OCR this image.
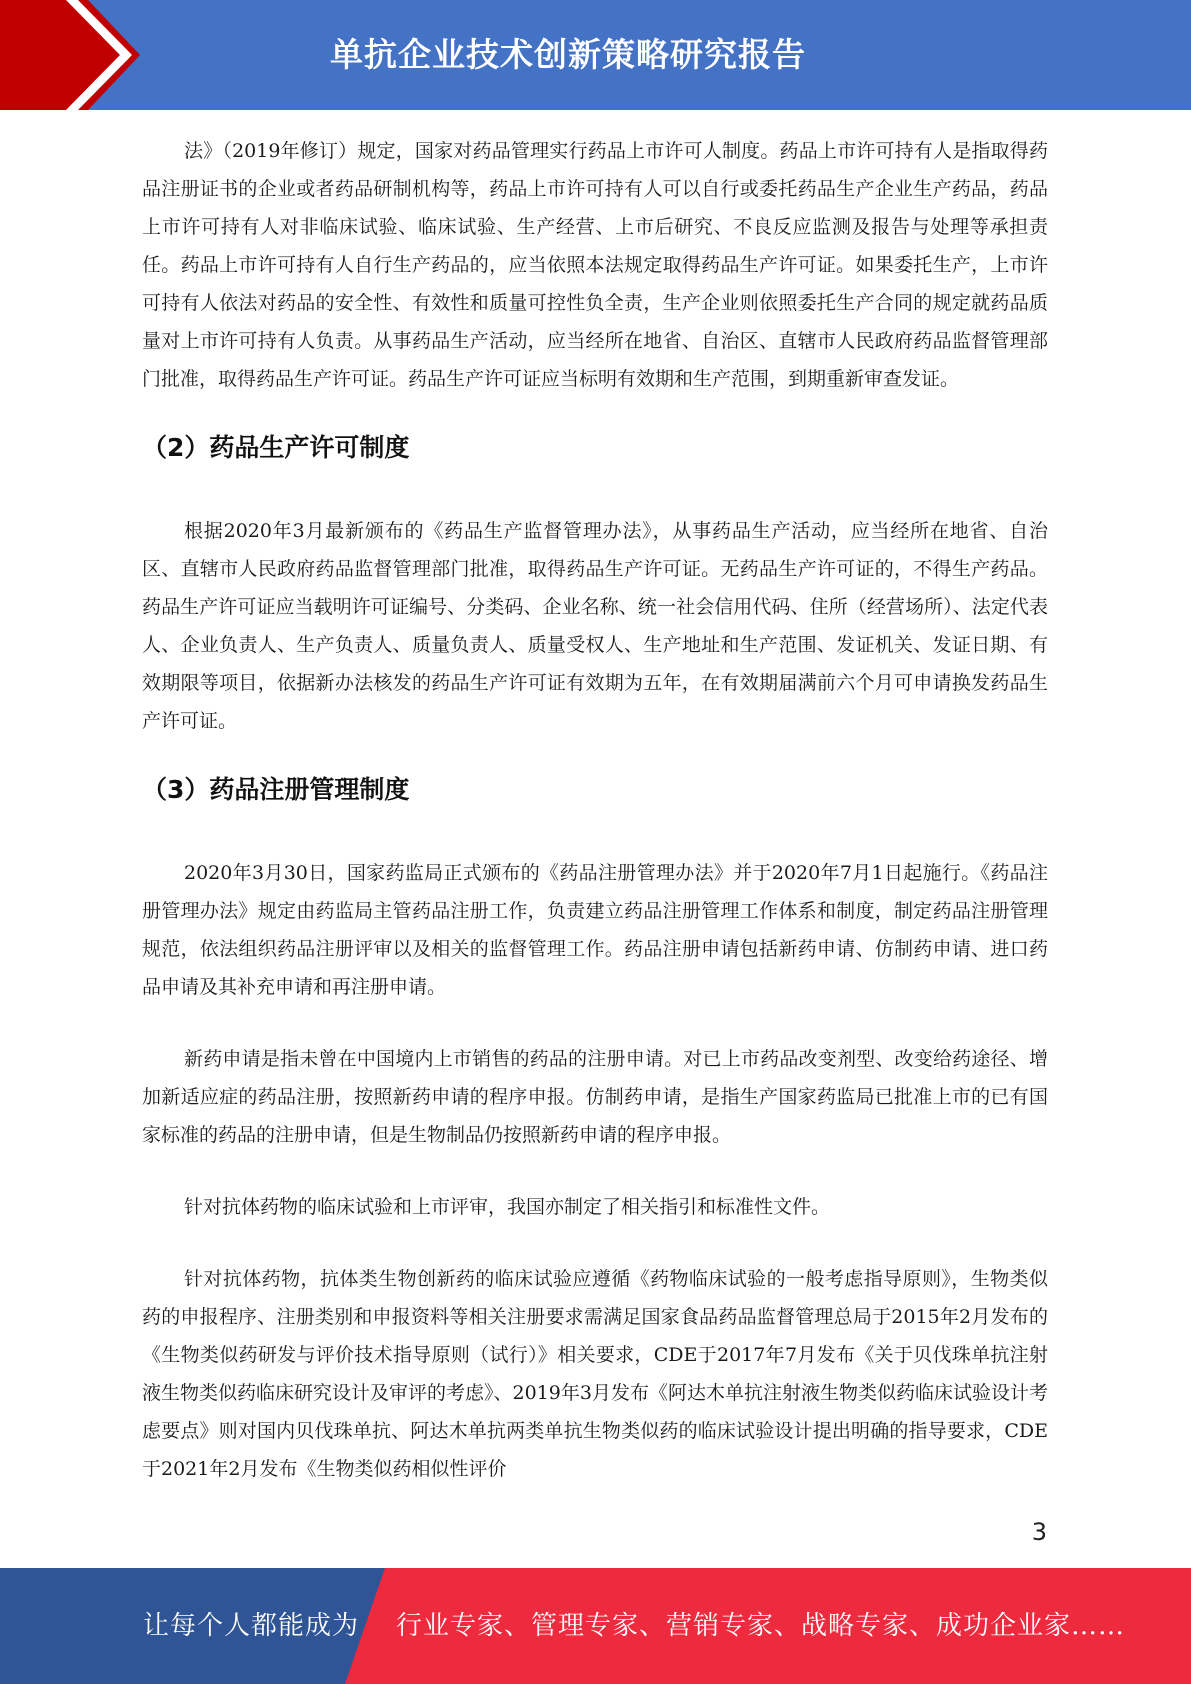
单抗企业技术创新策略研究报告

法》（2019年修订）规定，国家对药品管理实行药品上市许可人制度。药品上市许可持有人是指取得药品注册证书的企业或者药品研制机构等，药品上市许可持有人可以自行或委托药品生产企业生产药品，药品上市许可持有人对非临床试验、临床试验、生产经营、上市后研究、不良反应监测及报告与处理等承担责任。药品上市许可持有人自行生产药品的，应当依照本法规定取得药品生产许可证。如果委托生产，上市许可持有人依法对药品的安全性、有效性和质量可控性负全责，生产企业则依照委托生产合同的规定就药品质量对上市许可持有人负责。从事药品生产活动，应当经所在地省、自治区、直辖市人民政府药品监督管理部门批准，取得药品生产许可证。药品生产许可证应当标明有效期和生产范围，到期重新审查发证。

（2）药品生产许可制度

根据2020年3月最新颁布的《药品生产监督管理办法》，从事药品生产活动，应当经所在地省、自治区、直辖市人民政府药品监督管理部门批准，取得药品生产许可证。无药品生产许可证的，不得生产药品。药品生产许可证应当载明许可证编号、分类码、企业名称、统一社会信用代码、住所（经营场所）、法定代表人、企业负责人、生产负责人、质量负责人、质量受权人、生产地址和生产范围、发证机关、发证日期、有效期限等项目，依据新办法核发的药品生产许可证有效期为五年，在有效期届满前六个月可申请换发药品生产许可证。

（3）药品注册管理制度

2020年3月30日，国家药监局正式颁布的《药品注册管理办法》并于2020年7月1日起施行。《药品注册管理办法》规定由药监局主管药品注册工作，负责建立药品注册管理工作体系和制度，制定药品注册管理规范，依法组织药品注册评审以及相关的监督管理工作。药品注册申请包括新药申请、仿制药申请、进口药品申请及其补充申请和再注册申请。

新药申请是指未曾在中国境内上市销售的药品的注册申请。对已上市药品改变剂型、改变给药途径、增加新适应症的药品注册，按照新药申请的程序申报。仿制药申请，是指生产国家药监局已批准上市的已有国家标准的药品的注册申请，但是生物制品仍按照新药申请的程序申报。

针对抗体药物的临床试验和上市评审，我国亦制定了相关指引和标准性文件。

针对抗体药物，抗体类生物创新药的临床试验应遵循《药物临床试验的一般考虑指导原则》，生物类似药的申报程序、注册类别和申报资料等相关注册要求需满足国家食品药品监督管理总局于2015年2月发布的《生物类似药研发与评价技术指导原则（试行）》相关要求，CDE于2017年7月发布《关于贝伐珠单抗注射液生物类似药临床研究设计及审评的考虑》、2019年3月发布《阿达木单抗注射液生物类似药临床试验设计考虑要点》则对国内贝伐珠单抗、阿达木单抗两类单抗生物类似药的临床试验设计提出明确的指导要求，CDE于2021年2月发布《生物类似药相似性评价

3
让每个人都能成为 行业专家、管理专家、营销专家、战略专家、成功企业家……
